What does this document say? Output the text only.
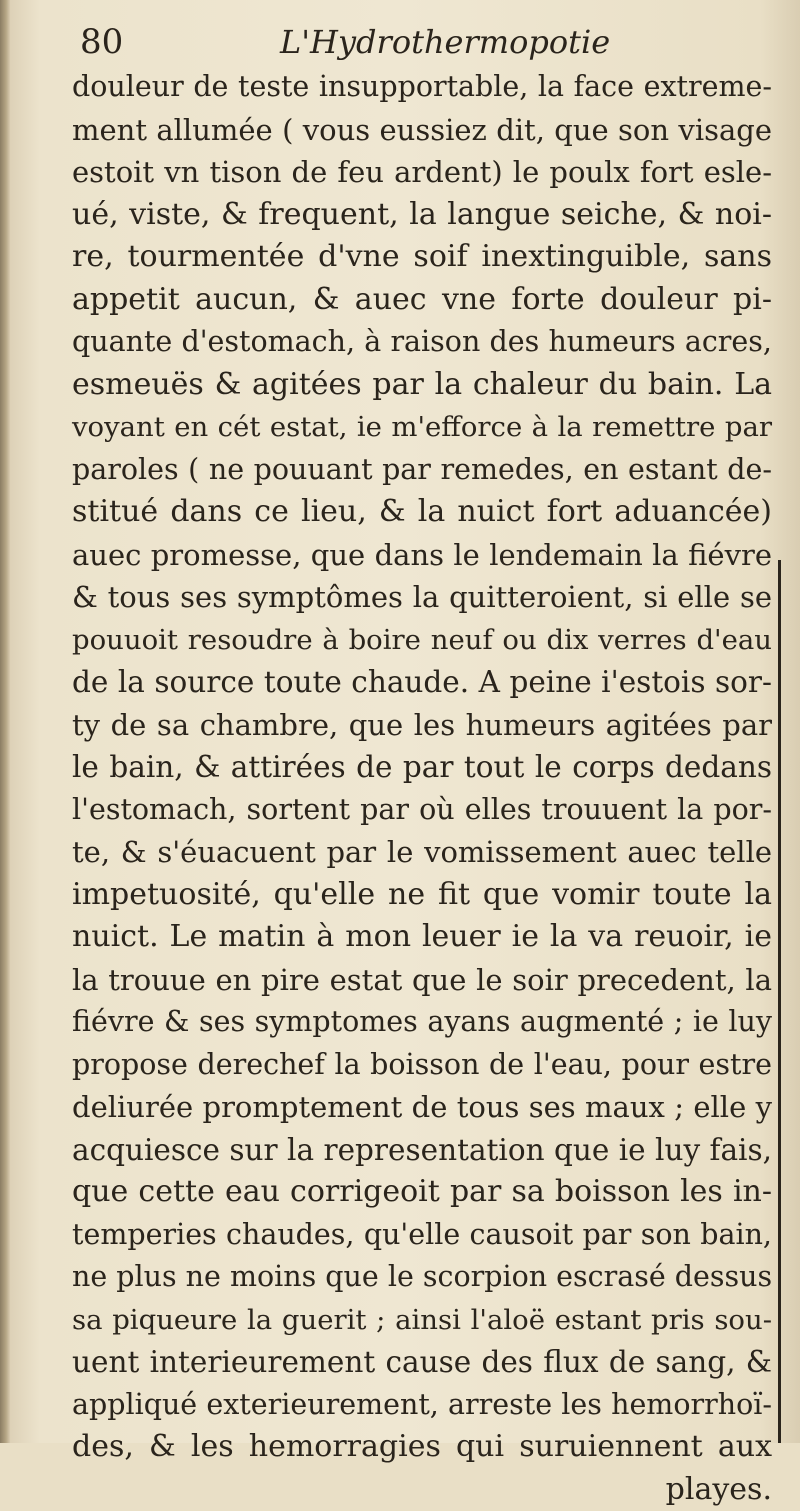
80	L'Hydrothermopotie
douleur de teste insupportable, la face extreme-
ment allumée ( vous eussiez dit, que son visage
estoit vn tison de feu ardent) le poulx fort esle-
ué, viste, & frequent, la langue seiche, & noi-
re, tourmentée d'vne soif inextinguible, sans
appetit aucun, & auec vne forte douleur pi-
quante d'estomach, à raison des humeurs acres,
esmeuës & agitées par la chaleur du bain. La
voyant en cét estat, ie m'efforce à la remettre par
paroles ( ne pouuant par remedes, en estant de-
stitué dans ce lieu, & la nuict fort aduancée)
auec promesse, que dans le lendemain la fiévre
& tous ses symptômes la quitteroient, si elle se
pouuoit resoudre à boire neuf ou dix verres d'eau
de la source toute chaude. A peine i'estois sor-
ty de sa chambre, que les humeurs agitées par
le bain, & attirées de par tout le corps dedans
l'estomach, sortent par où elles trouuent la por-
te, & s'éuacuent par le vomissement auec telle
impetuosité, qu'elle ne fit que vomir toute la
nuict. Le matin à mon leuer ie la va reuoir, ie
la trouue en pire estat que le soir precedent, la
fiévre & ses symptomes ayans augmenté ; ie luy
propose derechef la boisson de l'eau, pour estre
deliurée promptement de tous ses maux ; elle y
acquiesce sur la representation que ie luy fais,
que cette eau corrigeoit par sa boisson les in-
temperies chaudes, qu'elle causoit par son bain,
ne plus ne moins que le scorpion escrasé dessus
sa piqueure la guerit ; ainsi l'aloë estant pris sou-
uent interieurement cause des flux de sang, &
appliqué exterieurement, arreste les hemorrhoï-
des, & les hemorragies qui suruiennent aux
playes.
